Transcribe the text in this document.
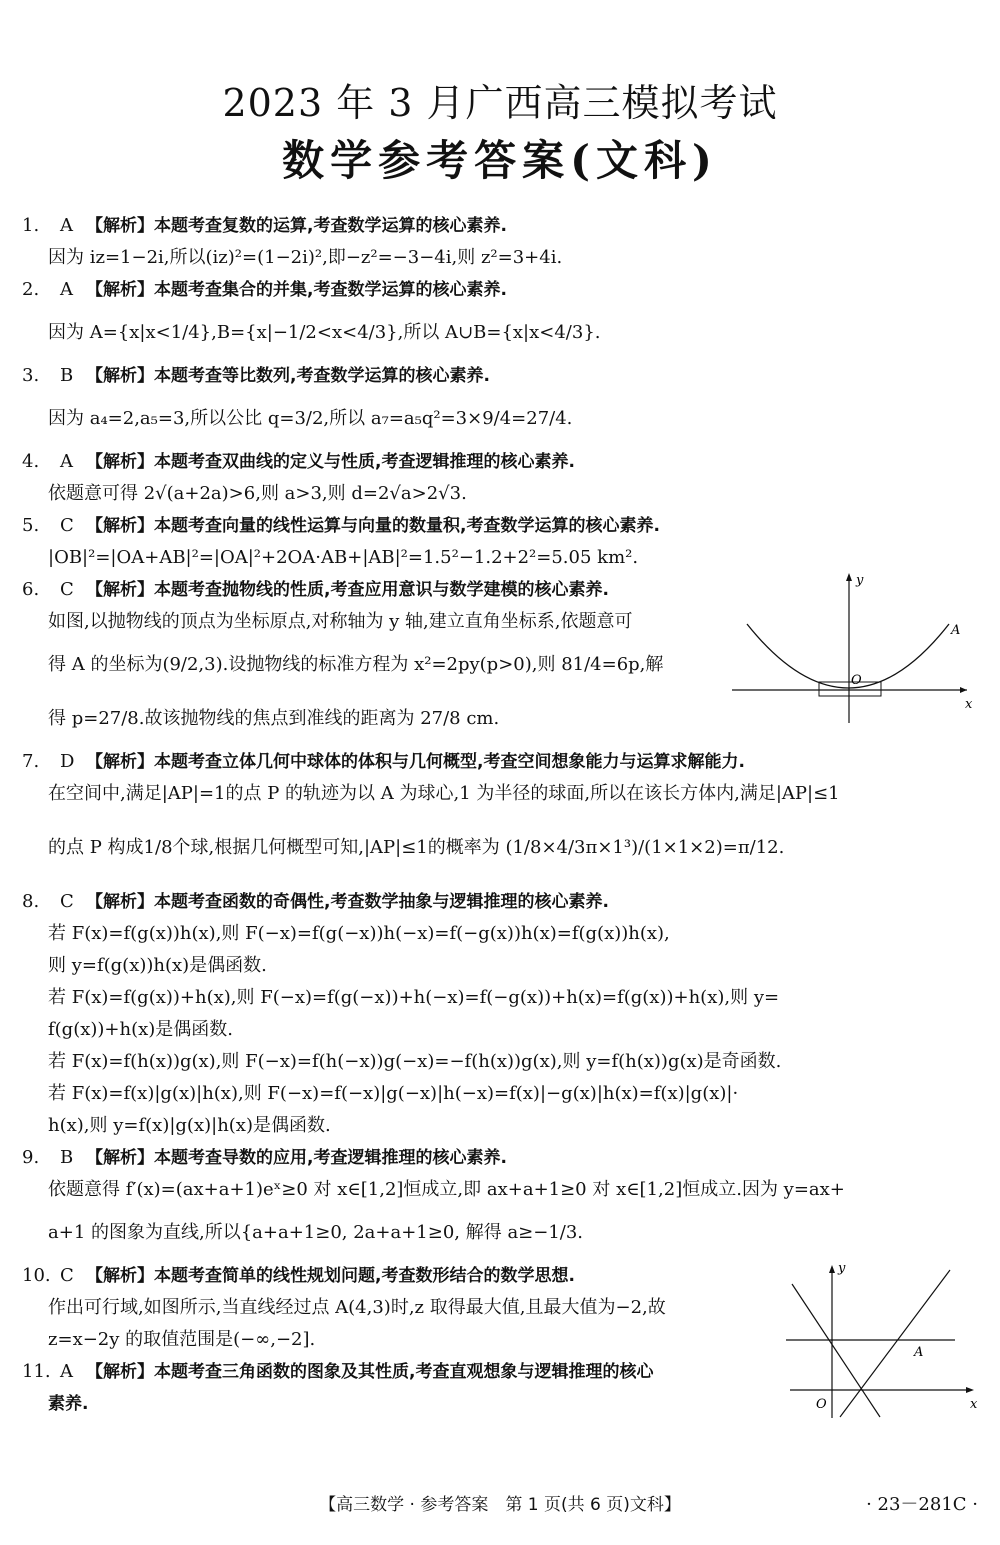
2023 年 3 月广西高三模拟考试
数学参考答案(文科)
1.	A 【解析】本题考查复数的运算,考查数学运算的核心素养.

因为 iz=1−2i,所以(iz)²=(1−2i)²,即−z²=−3−4i,则 z²=3+4i.

2.	A 【解析】本题考查集合的并集,考查数学运算的核心素养.

因为 A={x|x<1/4},B={x|−1/2<x<4/3},所以 A∪B={x|x<4/3}.

3.	B 【解析】本题考查等比数列,考查数学运算的核心素养.

因为 a₄=2,a₅=3,所以公比 q=3/2,所以 a₇=a₅q²=3×9/4=27/4.

4.	A 【解析】本题考查双曲线的定义与性质,考查逻辑推理的核心素养.

依题意可得 2√(a+2a)>6,则 a>3,则 d=2√a>2√3.

5.	C 【解析】本题考查向量的线性运算与向量的数量积,考查数学运算的核心素养.

|OB|²=|OA+AB|²=|OA|²+2OA·AB+|AB|²=1.5²−1.2+2²=5.05 km².

6.	C 【解析】本题考查抛物线的性质,考查应用意识与数学建模的核心素养.

如图,以抛物线的顶点为坐标原点,对称轴为 y 轴,建立直角坐标系,依题意可

得 A 的坐标为(9/2,3).设抛物线的标准方程为 x²=2py(p>0),则 81/4=6p,解

得 p=27/8.故该抛物线的焦点到准线的距离为 27/8 cm.

y
x
O
A
7.	D 【解析】本题考查立体几何中球体的体积与几何概型,考查空间想象能力与运算求解能力.

在空间中,满足|AP|=1的点 P 的轨迹为以 A 为球心,1 为半径的球面,所以在该长方体内,满足|AP|≤1

的点 P 构成1/8个球,根据几何概型可知,|AP|≤1的概率为 (1/8×4/3π×1³)/(1×1×2)=π/12.

8.	C 【解析】本题考查函数的奇偶性,考查数学抽象与逻辑推理的核心素养.

若 F(x)=f(g(x))h(x),则 F(−x)=f(g(−x))h(−x)=f(−g(x))h(x)=f(g(x))h(x),

则 y=f(g(x))h(x)是偶函数.

若 F(x)=f(g(x))+h(x),则 F(−x)=f(g(−x))+h(−x)=f(−g(x))+h(x)=f(g(x))+h(x),则 y=

f(g(x))+h(x)是偶函数.

若 F(x)=f(h(x))g(x),则 F(−x)=f(h(−x))g(−x)=−f(h(x))g(x),则 y=f(h(x))g(x)是奇函数.

若 F(x)=f(x)|g(x)|h(x),则 F(−x)=f(−x)|g(−x)|h(−x)=f(x)|−g(x)|h(x)=f(x)|g(x)|·

h(x),则 y=f(x)|g(x)|h(x)是偶函数.

9.	B 【解析】本题考查导数的应用,考查逻辑推理的核心素养.

依题意得 f′(x)=(ax+a+1)eˣ≥0 对 x∈[1,2]恒成立,即 ax+a+1≥0 对 x∈[1,2]恒成立.因为 y=ax+

a+1 的图象为直线,所以{a+a+1≥0, 2a+a+1≥0, 解得 a≥−1/3.

10. C 【解析】本题考查简单的线性规划问题,考查数形结合的数学思想.

作出可行域,如图所示,当直线经过点 A(4,3)时,z 取得最大值,且最大值为−2,故

z=x−2y 的取值范围是(−∞,−2].

y
x
O
A
11. A 【解析】本题考查三角函数的图象及其性质,考查直观想象与逻辑推理的核心

素养.

【高三数学 · 参考答案　第 1 页(共 6 页)文科】	· 23－281C ·
